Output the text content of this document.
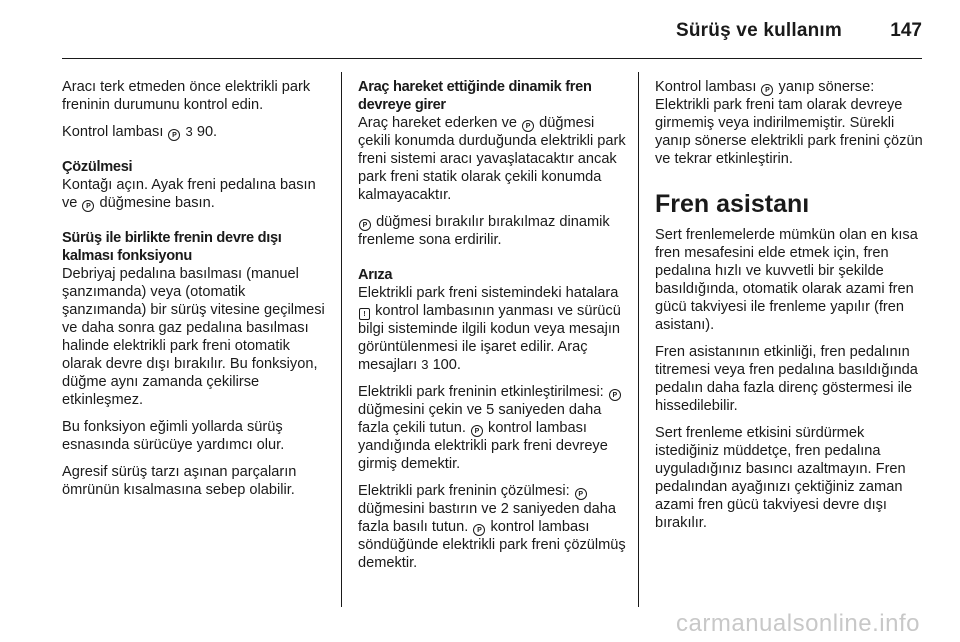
Sürüş ve kullanım	147

Aracı terk etmeden önce elektrikli park freninin durumunu kontrol edin.

Kontrol lambası P 3 90.

Çözülmesi
Kontağı açın. Ayak freni pedalına basın ve P düğmesine basın.

Sürüş ile birlikte frenin devre dışı kalması fonksiyonu
Debriyaj pedalına basılması (manuel şanzımanda) veya (otomatik şanzımanda) bir sürüş vitesine geçilmesi ve daha sonra gaz pedalına basılması halinde elektrikli park freni otomatik olarak devre dışı bırakılır. Bu fonksiyon, düğme aynı zamanda çekilirse etkinleşmez.

Bu fonksiyon eğimli yollarda sürüş esnasında sürücüye yardımcı olur.

Agresif sürüş tarzı aşınan parçaların ömrünün kısalmasına sebep olabilir.

Araç hareket ettiğinde dinamik fren devreye girer
Araç hareket ederken ve P düğmesi çekili konumda durduğunda elektrikli park freni sistemi aracı yavaşlatacaktır ancak park freni statik olarak çekili konumda kalmayacaktır.

P düğmesi bırakılır bırakılmaz dinamik frenleme sona erdirilir.

Arıza
Elektrikli park freni sistemindeki hatalara ! kontrol lambasının yanması ve sürücü bilgi sisteminde ilgili kodun veya mesajın görüntülenmesi ile işaret edilir. Araç mesajları 3 100.

Elektrikli park freninin etkinleştirilmesi: P düğmesini çekin ve 5 saniyeden daha fazla çekili tutun. P kontrol lambası yandığında elektrikli park freni devreye girmiş demektir.

Elektrikli park freninin çözülmesi: P düğmesini bastırın ve 2 saniyeden daha fazla basılı tutun. P kontrol lambası söndüğünde elektrikli park freni çözülmüş demektir.

Kontrol lambası P yanıp sönerse: Elektrikli park freni tam olarak devreye girmemiş veya indirilmemiştir. Sürekli yanıp sönerse elektrikli park frenini çözün ve tekrar etkinleştirin.

Fren asistanı

Sert frenlemelerde mümkün olan en kısa fren mesafesini elde etmek için, fren pedalına hızlı ve kuvvetli bir şekilde basıldığında, otomatik olarak azami fren gücü takviyesi ile frenleme yapılır (fren asistanı).

Fren asistanının etkinliği, fren pedalının titremesi veya fren pedalına basıldığında pedalın daha fazla direnç göstermesi ile hissedilebilir.

Sert frenleme etkisini sürdürmek istediğiniz müddetçe, fren pedalına uyguladığınız basıncı azaltmayın. Fren pedalından ayağınızı çektiğiniz zaman azami fren gücü takviyesi devre dışı bırakılır.

carmanualsonline.info
